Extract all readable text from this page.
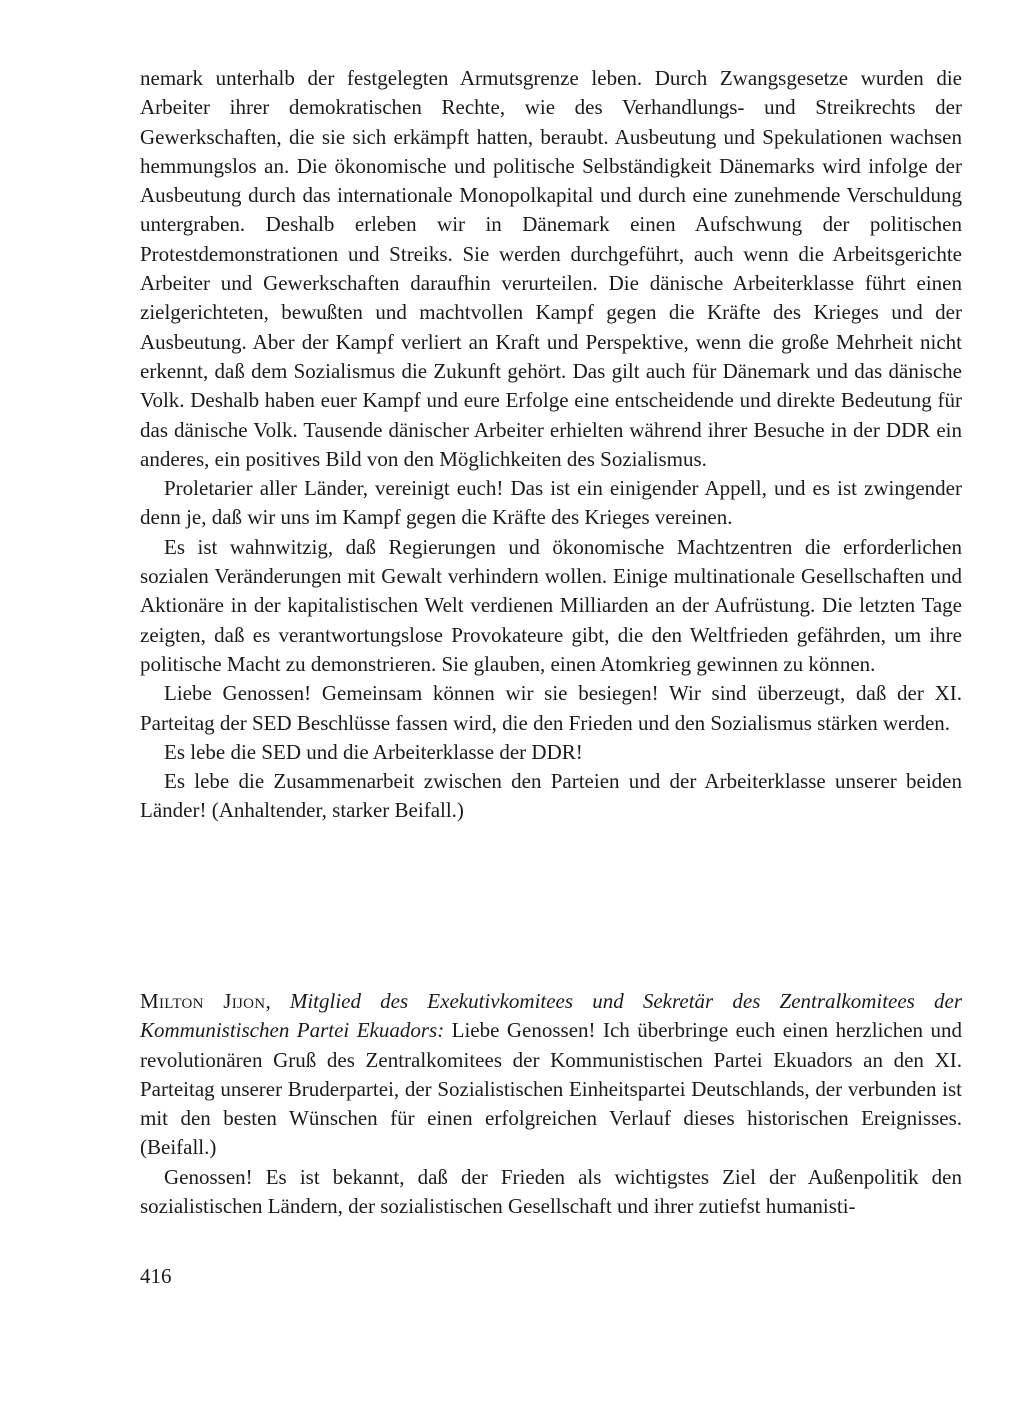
nemark unterhalb der festgelegten Armutsgrenze leben. Durch Zwangsgesetze wurden die Arbeiter ihrer demokratischen Rechte, wie des Verhandlungs- und Streikrechts der Gewerkschaften, die sie sich erkämpft hatten, beraubt. Ausbeutung und Spekulationen wachsen hemmungslos an. Die ökonomische und politische Selbständigkeit Dänemarks wird infolge der Ausbeutung durch das internationale Monopolkapital und durch eine zunehmende Verschuldung untergraben. Deshalb erleben wir in Dänemark einen Aufschwung der politischen Protestdemonstrationen und Streiks. Sie werden durchgeführt, auch wenn die Arbeitsgerichte Arbeiter und Gewerkschaften daraufhin verurteilen. Die dänische Arbeiterklasse führt einen zielgerichteten, bewußten und machtvollen Kampf gegen die Kräfte des Krieges und der Ausbeutung. Aber der Kampf verliert an Kraft und Perspektive, wenn die große Mehrheit nicht erkennt, daß dem Sozialismus die Zukunft gehört. Das gilt auch für Dänemark und das dänische Volk. Deshalb haben euer Kampf und eure Erfolge eine entscheidende und direkte Bedeutung für das dänische Volk. Tausende dänischer Arbeiter erhielten während ihrer Besuche in der DDR ein anderes, ein positives Bild von den Möglichkeiten des Sozialismus.

Proletarier aller Länder, vereinigt euch! Das ist ein einigender Appell, und es ist zwingender denn je, daß wir uns im Kampf gegen die Kräfte des Krieges vereinen.

Es ist wahnwitzig, daß Regierungen und ökonomische Machtzentren die erforderlichen sozialen Veränderungen mit Gewalt verhindern wollen. Einige multinationale Gesellschaften und Aktionäre in der kapitalistischen Welt verdienen Milliarden an der Aufrüstung. Die letzten Tage zeigten, daß es verantwortungslose Provokateure gibt, die den Weltfrieden gefährden, um ihre politische Macht zu demonstrieren. Sie glauben, einen Atomkrieg gewinnen zu können.

Liebe Genossen! Gemeinsam können wir sie besiegen! Wir sind überzeugt, daß der XI. Parteitag der SED Beschlüsse fassen wird, die den Frieden und den Sozialismus stärken werden.

Es lebe die SED und die Arbeiterklasse der DDR!

Es lebe die Zusammenarbeit zwischen den Parteien und der Arbeiterklasse unserer beiden Länder! (Anhaltender, starker Beifall.)

Milton Jijon, Mitglied des Exekutivkomitees und Sekretär des Zentralkomitees der Kommunistischen Partei Ekuadors: Liebe Genossen! Ich überbringe euch einen herzlichen und revolutionären Gruß des Zentralkomitees der Kommunistischen Partei Ekuadors an den XI. Parteitag unserer Bruderpartei, der Sozialistischen Einheitspartei Deutschlands, der verbunden ist mit den besten Wünschen für einen erfolgreichen Verlauf dieses historischen Ereignisses. (Beifall.)

Genossen! Es ist bekannt, daß der Frieden als wichtigstes Ziel der Außenpolitik den sozialistischen Ländern, der sozialistischen Gesellschaft und ihrer zutiefst humanisti-

416
